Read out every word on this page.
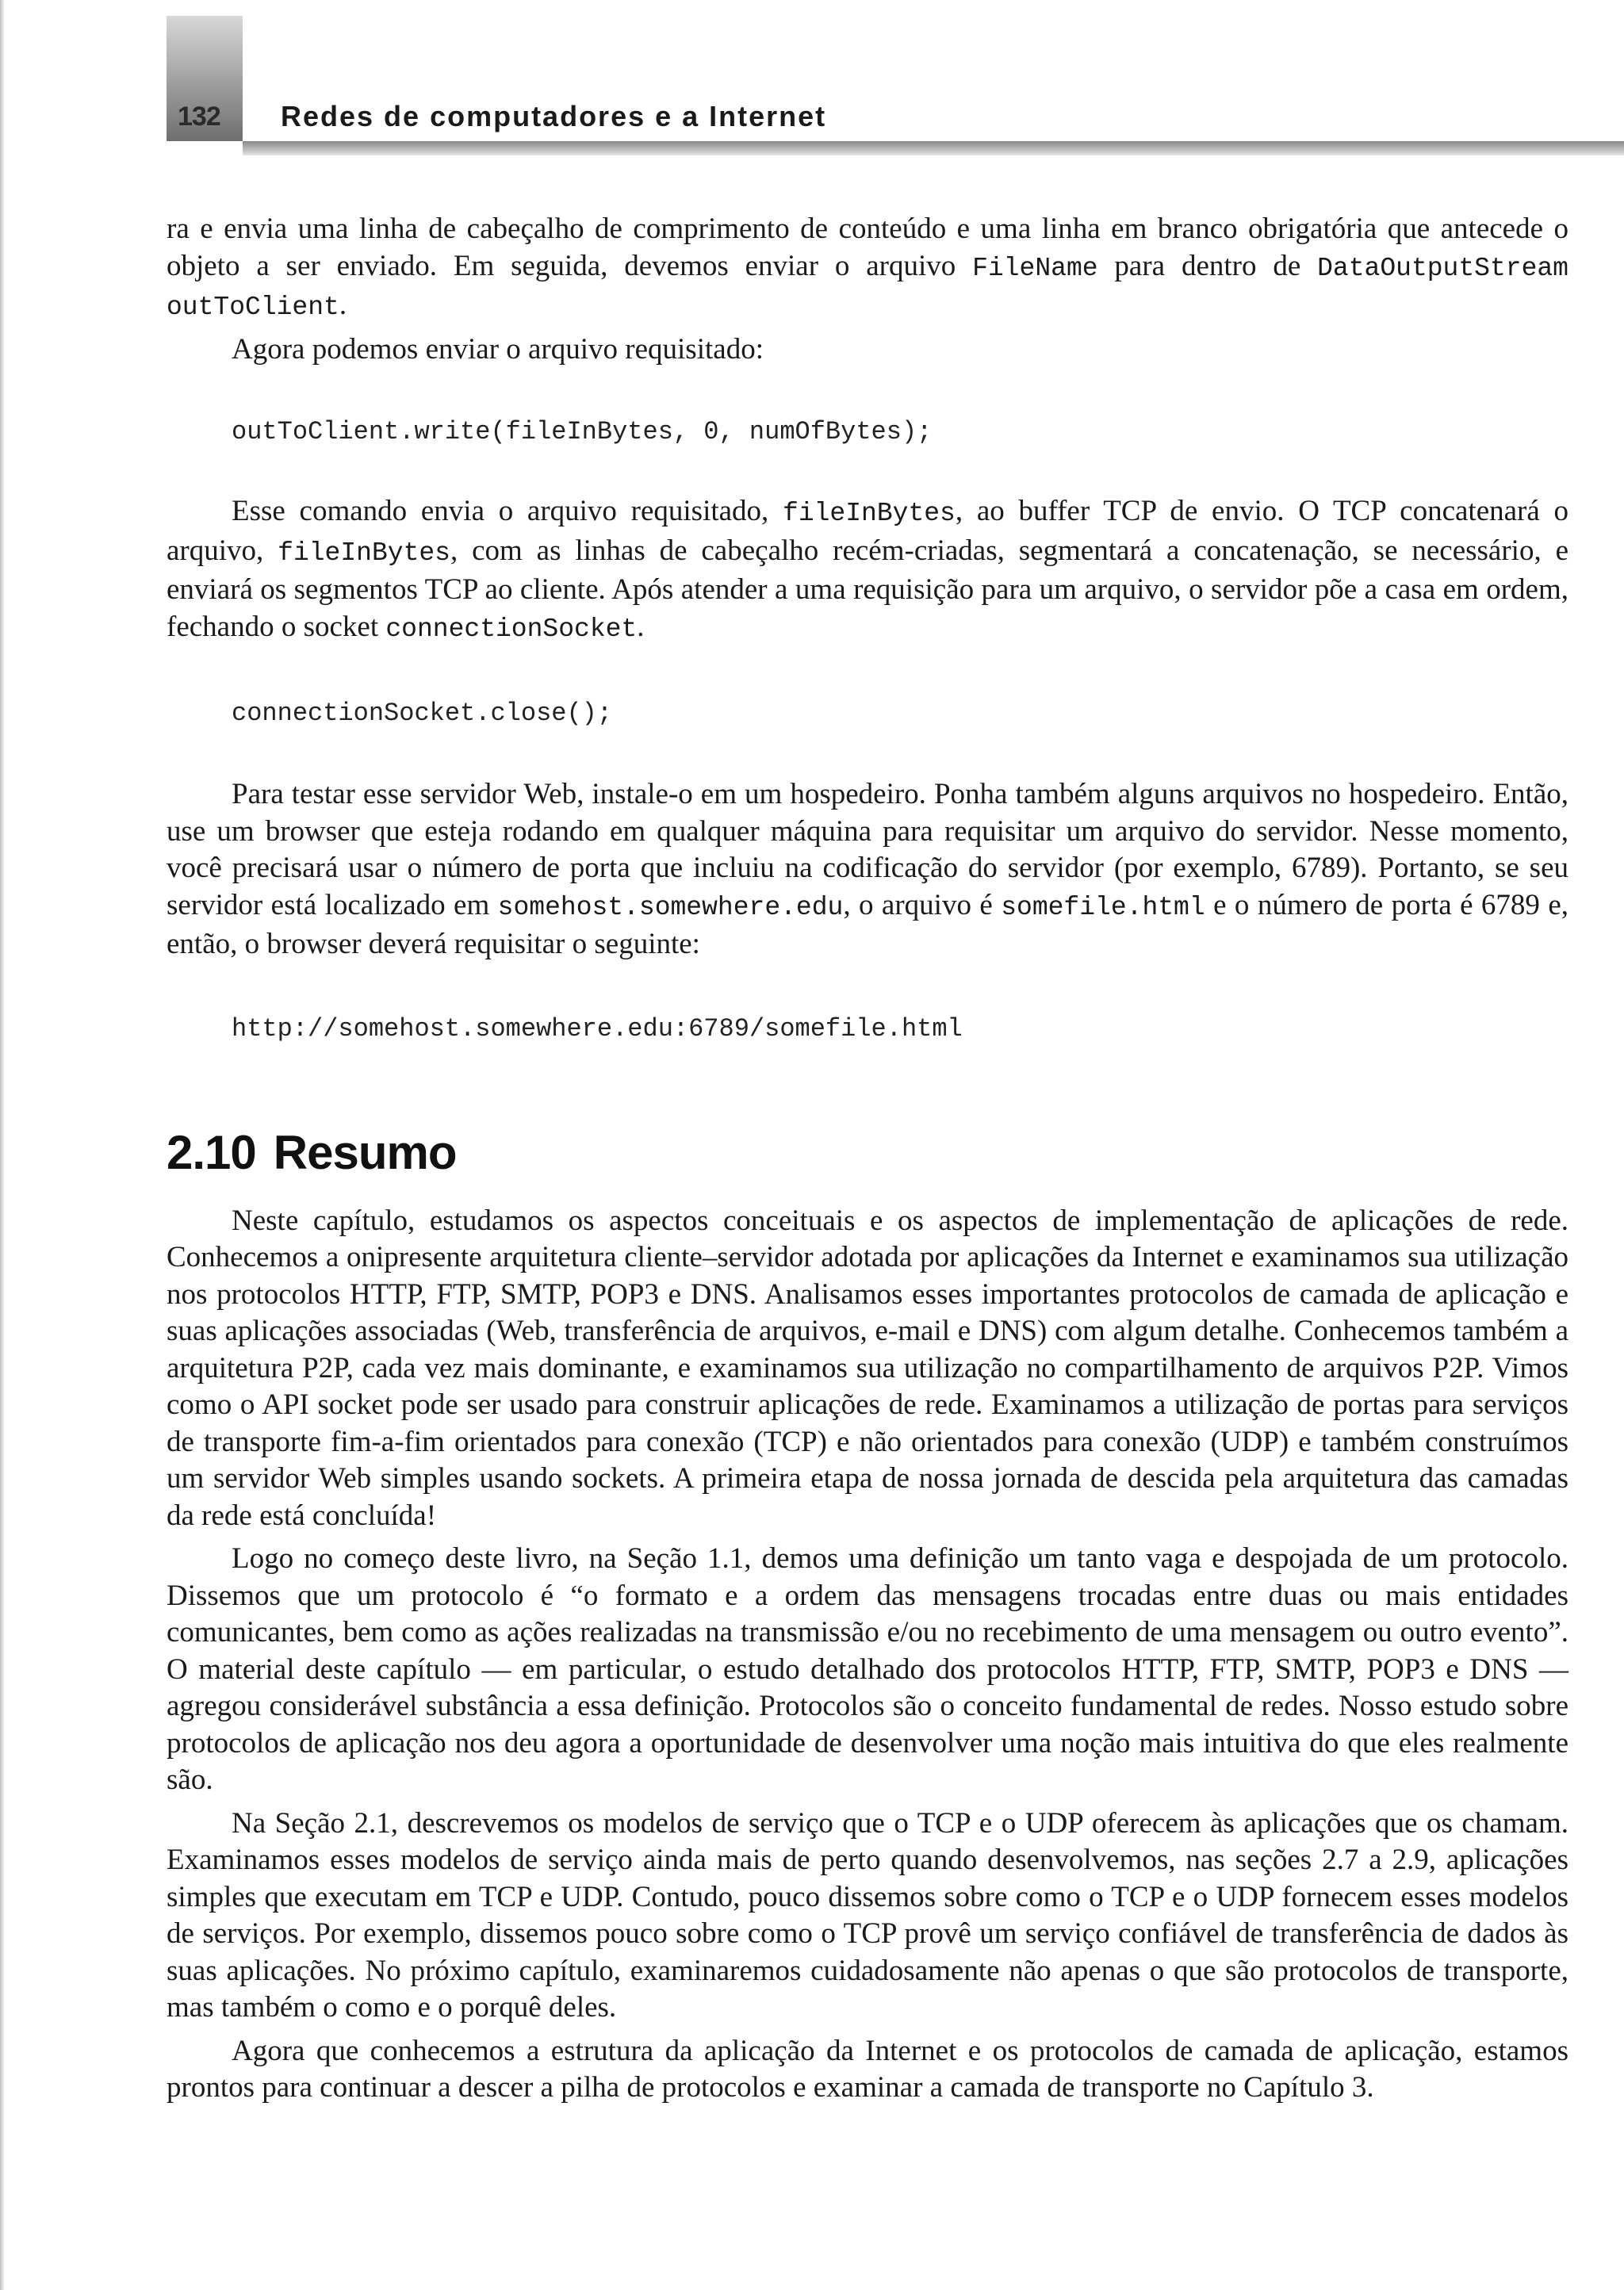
132 Redes de computadores e a Internet

ra e envia uma linha de cabeçalho de comprimento de conteúdo e uma linha em branco obrigatória que antecede o objeto a ser enviado. Em seguida, devemos enviar o arquivo FileName para dentro de DataOutputStream outToClient.

Agora podemos enviar o arquivo requisitado:

outToClient.write(fileInBytes, 0, numOfBytes);

Esse comando envia o arquivo requisitado, fileInBytes, ao buffer TCP de envio. O TCP concatenará o arquivo, fileInBytes, com as linhas de cabeçalho recém-criadas, segmentará a concatenação, se necessário, e enviará os segmentos TCP ao cliente. Após atender a uma requisição para um arquivo, o servidor põe a casa em ordem, fechando o socket connectionSocket.

connectionSocket.close();

Para testar esse servidor Web, instale-o em um hospedeiro. Ponha também alguns arquivos no hospedeiro. Então, use um browser que esteja rodando em qualquer máquina para requisitar um arquivo do servidor. Nesse momento, você precisará usar o número de porta que incluiu na codificação do servidor (por exemplo, 6789). Portanto, se seu servidor está localizado em somehost.somewhere.edu, o arquivo é somefile.html e o número de porta é 6789 e, então, o browser deverá requisitar o seguinte:

http://somehost.somewhere.edu:6789/somefile.html
2.10 Resumo

Neste capítulo, estudamos os aspectos conceituais e os aspectos de implementação de aplicações de rede. Conhecemos a onipresente arquitetura cliente–servidor adotada por aplicações da Internet e examinamos sua utilização nos protocolos HTTP, FTP, SMTP, POP3 e DNS. Analisamos esses importantes protocolos de camada de aplicação e suas aplicações associadas (Web, transferência de arquivos, e-mail e DNS) com algum detalhe. Conhecemos também a arquitetura P2P, cada vez mais dominante, e examinamos sua utilização no compartilhamento de arquivos P2P. Vimos como o API socket pode ser usado para construir aplicações de rede. Examinamos a utilização de portas para serviços de transporte fim-a-fim orientados para conexão (TCP) e não orientados para conexão (UDP) e também construímos um servidor Web simples usando sockets. A primeira etapa de nossa jornada de descida pela arquitetura das camadas da rede está concluída!

Logo no começo deste livro, na Seção 1.1, demos uma definição um tanto vaga e despojada de um protocolo. Dissemos que um protocolo é “o formato e a ordem das mensagens trocadas entre duas ou mais entidades comunicantes, bem como as ações realizadas na transmissão e/ou no recebimento de uma mensagem ou outro evento”. O material deste capítulo — em particular, o estudo detalhado dos protocolos HTTP, FTP, SMTP, POP3 e DNS — agregou considerável substância a essa definição. Protocolos são o conceito fundamental de redes. Nosso estudo sobre protocolos de aplicação nos deu agora a oportunidade de desenvolver uma noção mais intuitiva do que eles realmente são.

Na Seção 2.1, descrevemos os modelos de serviço que o TCP e o UDP oferecem às aplicações que os chamam. Examinamos esses modelos de serviço ainda mais de perto quando desenvolvemos, nas seções 2.7 a 2.9, aplicações simples que executam em TCP e UDP. Contudo, pouco dissemos sobre como o TCP e o UDP fornecem esses modelos de serviços. Por exemplo, dissemos pouco sobre como o TCP provê um serviço confiável de transferência de dados às suas aplicações. No próximo capítulo, examinaremos cuidadosamente não apenas o que são protocolos de transporte, mas também o como e o porquê deles.

Agora que conhecemos a estrutura da aplicação da Internet e os protocolos de camada de aplicação, estamos prontos para continuar a descer a pilha de protocolos e examinar a camada de transporte no Capítulo 3.
